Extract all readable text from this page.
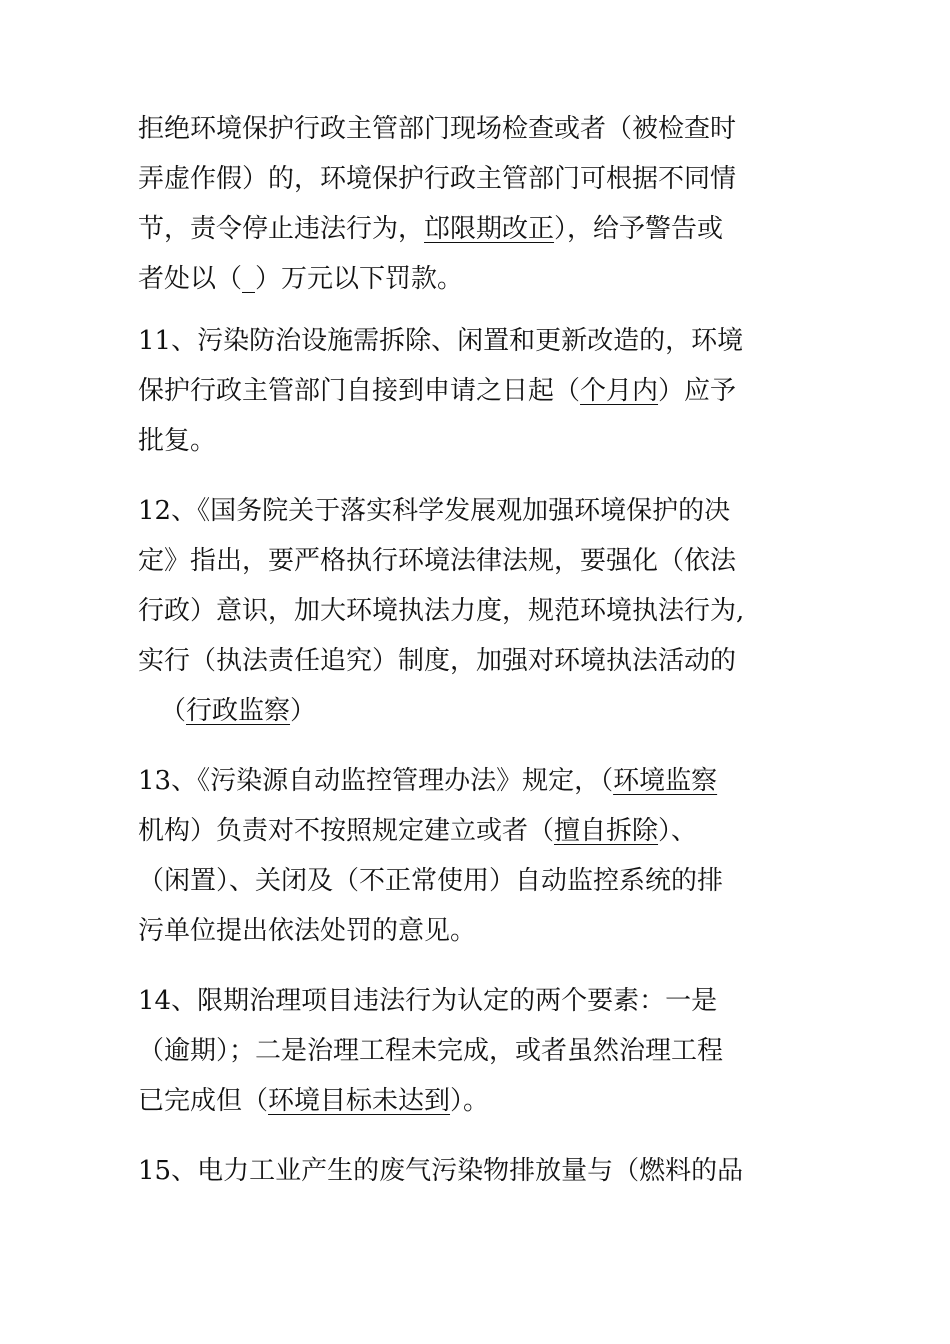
拒绝环境保护行政主管部门现场检查或者（被检查时
弄虚作假）的，环境保护行政主管部门可根据不同情
节，责令停止违法行为，邙限期改正），给予警告或
者处以（_）万元以下罚款。
11、污染防治设施需拆除、闲置和更新改造的，环境
保护行政主管部门自接到申请之日起（个月内）应予
批复。
12、《国务院关于落实科学发展观加强环境保护的决
定》指出，要严格执行环境法律法规，要强化（依法
行政）意识，加大环境执法力度，规范环境执法行为,
实行（执法责任追究）制度，加强对环境执法活动的
（行政监察）
13、《污染源自动监控管理办法》规定，（环境监察
机构）负责对不按照规定建立或者（擅自拆除）、
（闲置）、关闭及（不正常使用）自动监控系统的排
污单位提出依法处罚的意见。
14、限期治理项目违法行为认定的两个要素：一是
（逾期）；二是治理工程未完成，或者虽然治理工程
已完成但（环境目标未达到）。
15、电力工业产生的废气污染物排放量与（燃料的品
